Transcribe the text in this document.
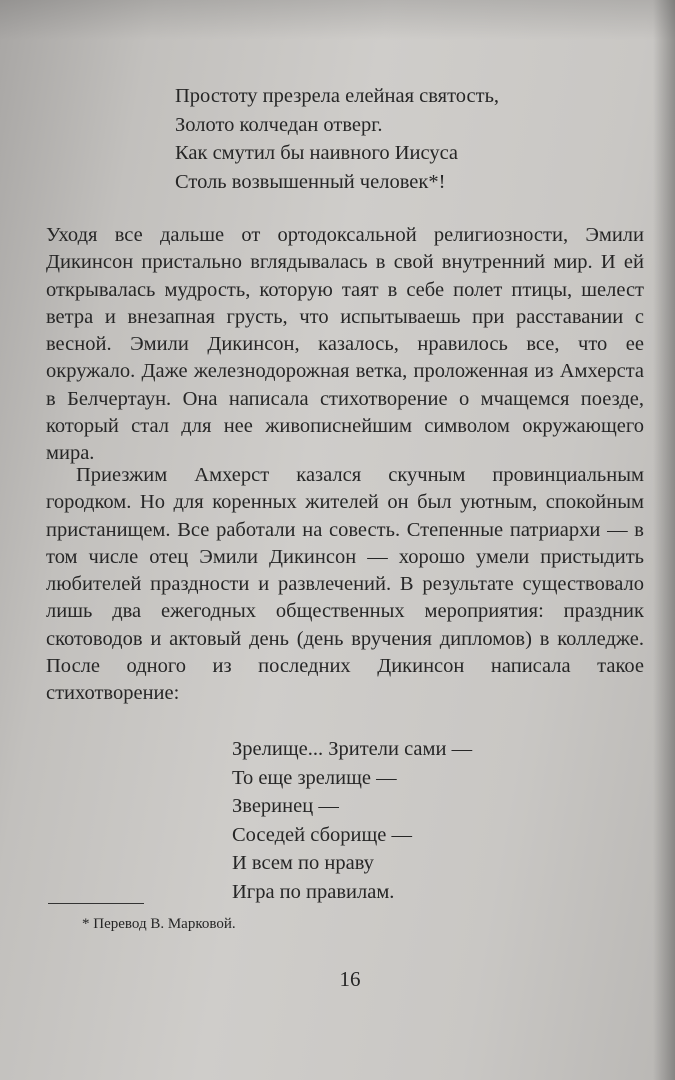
Простоту презрела елейная святость,
Золото колчедан отверг.
Как смутил бы наивного Иисуса
Столь возвышенный человек*!
Уходя все дальше от ортодоксальной религиозности, Эмили Дикинсон пристально вглядывалась в свой внутренний мир. И ей открывалась мудрость, которую таят в себе полет птицы, шелест ветра и внезапная грусть, что испытываешь при расставании с весной. Эмили Дикинсон, казалось, нравилось все, что ее окружало. Даже железнодорожная ветка, проложенная из Амхерста в Белчертаун. Она написала стихотворение о мчащемся поезде, который стал для нее живописнейшим символом окружающего мира.
Приезжим Амхерст казался скучным провинциальным городком. Но для коренных жителей он был уютным, спокойным пристанищем. Все работали на совесть. Степенные патриархи — в том числе отец Эмили Дикинсон — хорошо умели пристыдить любителей праздности и развлечений. В результате существовало лишь два ежегодных общественных мероприятия: праздник скотоводов и актовый день (день вручения дипломов) в колледже. После одного из последних Дикинсон написала такое стихотворение:
Зрелище... Зрители сами —
То еще зрелище —
Зверинец —
Соседей сборище —
И всем по нраву
Игра по правилам.
* Перевод В. Марковой.
16
